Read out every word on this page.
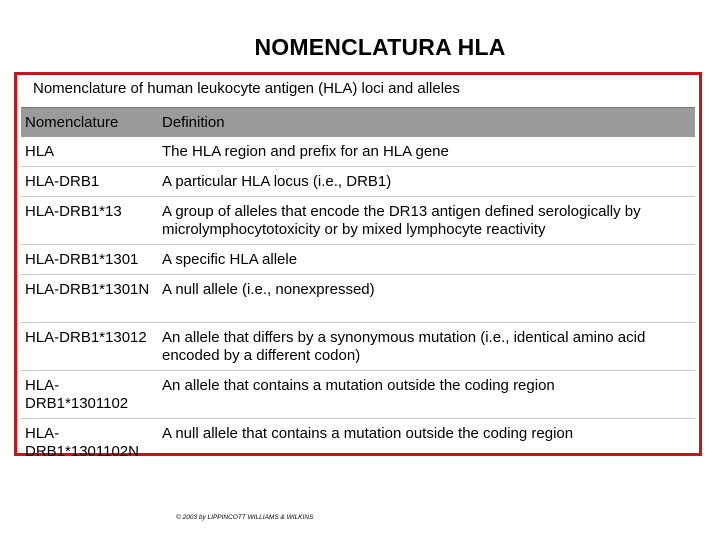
NOMENCLATURA HLA
Nomenclature of human leukocyte antigen (HLA) loci and alleles
Nomenclature	Definition
HLA	The HLA region and prefix for an HLA gene
HLA-DRB1	A particular HLA locus (i.e., DRB1)
HLA-DRB1*13	A group of alleles that encode the DR13 antigen defined serologically by microlymphocytotoxicity or by mixed lymphocyte reactivity
HLA-DRB1*1301	A specific HLA allele
HLA-DRB1*1301N	A null allele (i.e., nonexpressed)
HLA-DRB1*13012	An allele that differs by a synonymous mutation (i.e., identical amino acid encoded by a different codon)
HLA-DRB1*1301102	An allele that contains a mutation outside the coding region
HLA-DRB1*1301102N	A null allele that contains a mutation outside the coding region
© 2003 by LIPPINCOTT WILLIAMS & WILKINS
